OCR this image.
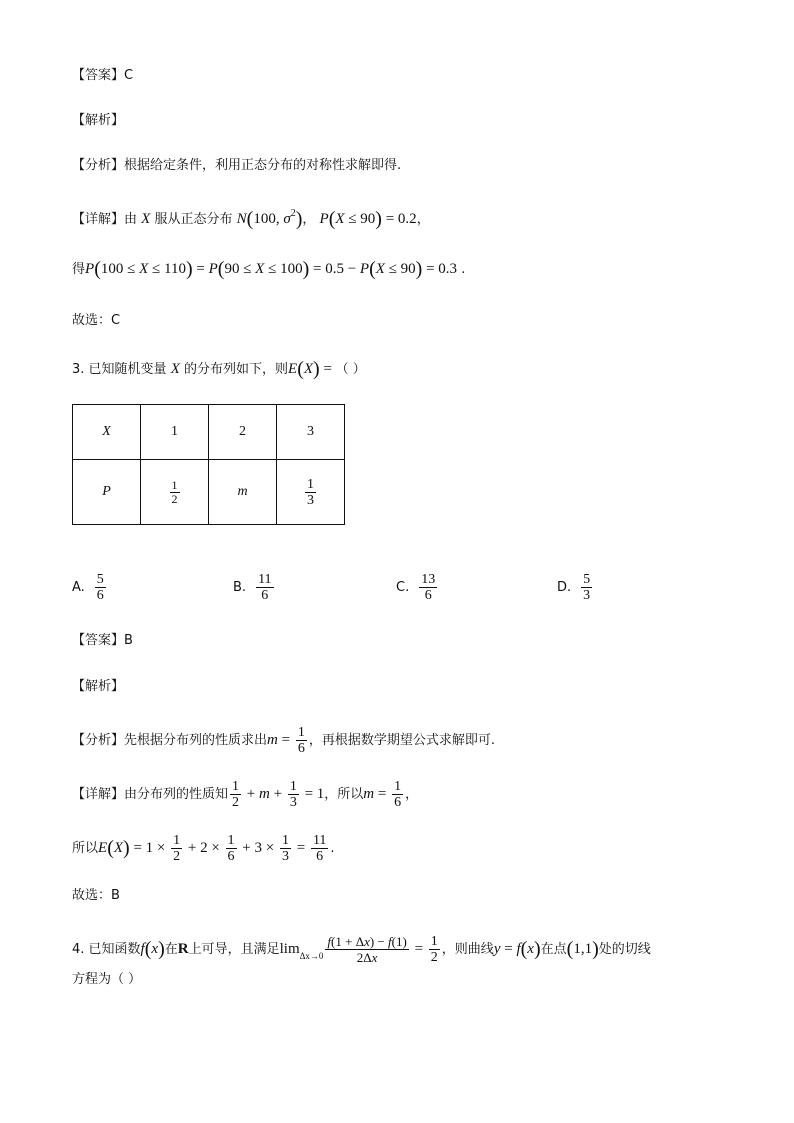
【答案】C
【解析】
【分析】根据给定条件，利用正态分布的对称性求解即得.
【详解】由 X 服从正态分布 N(100, $\sigma^2$)， P(X ≤ 90) = 0.2，
得P(100 ≤ X ≤ 110) = P(90 ≤ X ≤ 100) = 0.5 − P(X ≤ 90) = 0.3 .
故选：C
3. 已知随机变量 X 的分布列如下，则E(X) = （ ）
X	1	2	3
P	$\frac{1}{2}$	m	$\frac{1}{3}$
A. $\frac{5}{6}$	B. $\frac{11}{6}$	C. $\frac{13}{6}$	D. $\frac{5}{3}$
【答案】B
【解析】
【分析】先根据分布列的性质求出$m = \frac{1}{6}$ ，再根据数学期望公式求解即可.
【详解】由分布列的性质知 $\frac{1}{2} + m + \frac{1}{3} = 1$，所以$m = \frac{1}{6}$ ，
所以$E(X) = 1 \times \frac{1}{2} + 2 \times \frac{1}{6} + 3 \times \frac{1}{3} = \frac{11}{6}$ .
故选：B
4. 已知函数f(x)在R上可导，且满足$\lim_{\Delta x\to 0} \frac{f(1 + \Delta x) - f(1)}{2\Delta x} = \frac{1}{2}$ ，则曲线y = f(x)在点(1,1)处的切线
方程为（ ）
